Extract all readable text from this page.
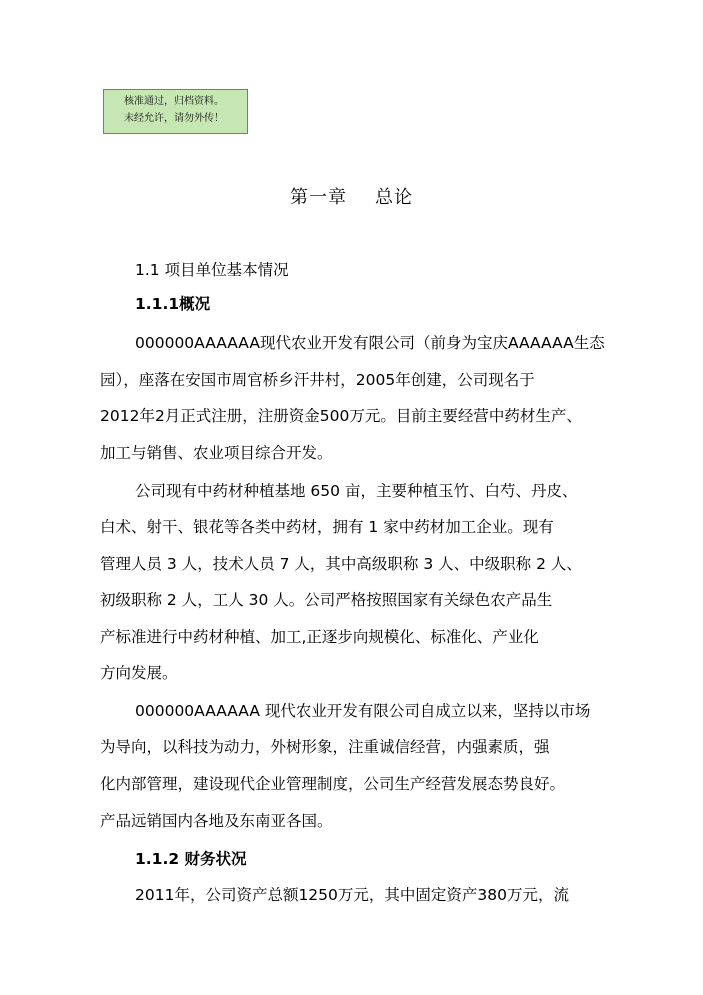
核准通过，归档资料。
未经允许，请勿外传！
第一章 总论
1.1 项目单位基本情况
1.1.1概况
000000AAAAAA现代农业开发有限公司（前身为宝庆AAAAAA生态
园），座落在安国市周官桥乡汗井村，2005年创建，公司现名于
2012年2月正式注册，注册资金500万元。目前主要经营中药材生产、
加工与销售、农业项目综合开发。
公司现有中药材种植基地 650 亩，主要种植玉竹、白芍、丹皮、
白术、射干、银花等各类中药材，拥有 1 家中药材加工企业。现有
管理人员 3 人，技术人员 7 人，其中高级职称 3 人、中级职称 2 人、
初级职称 2 人，工人 30 人。公司严格按照国家有关绿色农产品生
产标准进行中药材种植、加工,正逐步向规模化、标准化、产业化
方向发展。
000000AAAAAA 现代农业开发有限公司自成立以来，坚持以市场
为导向，以科技为动力，外树形象，注重诚信经营，内强素质，强
化内部管理，建设现代企业管理制度，公司生产经营发展态势良好。
产品远销国内各地及东南亚各国。
1.1.2 财务状况
2011年，公司资产总额1250万元，其中固定资产380万元，流
